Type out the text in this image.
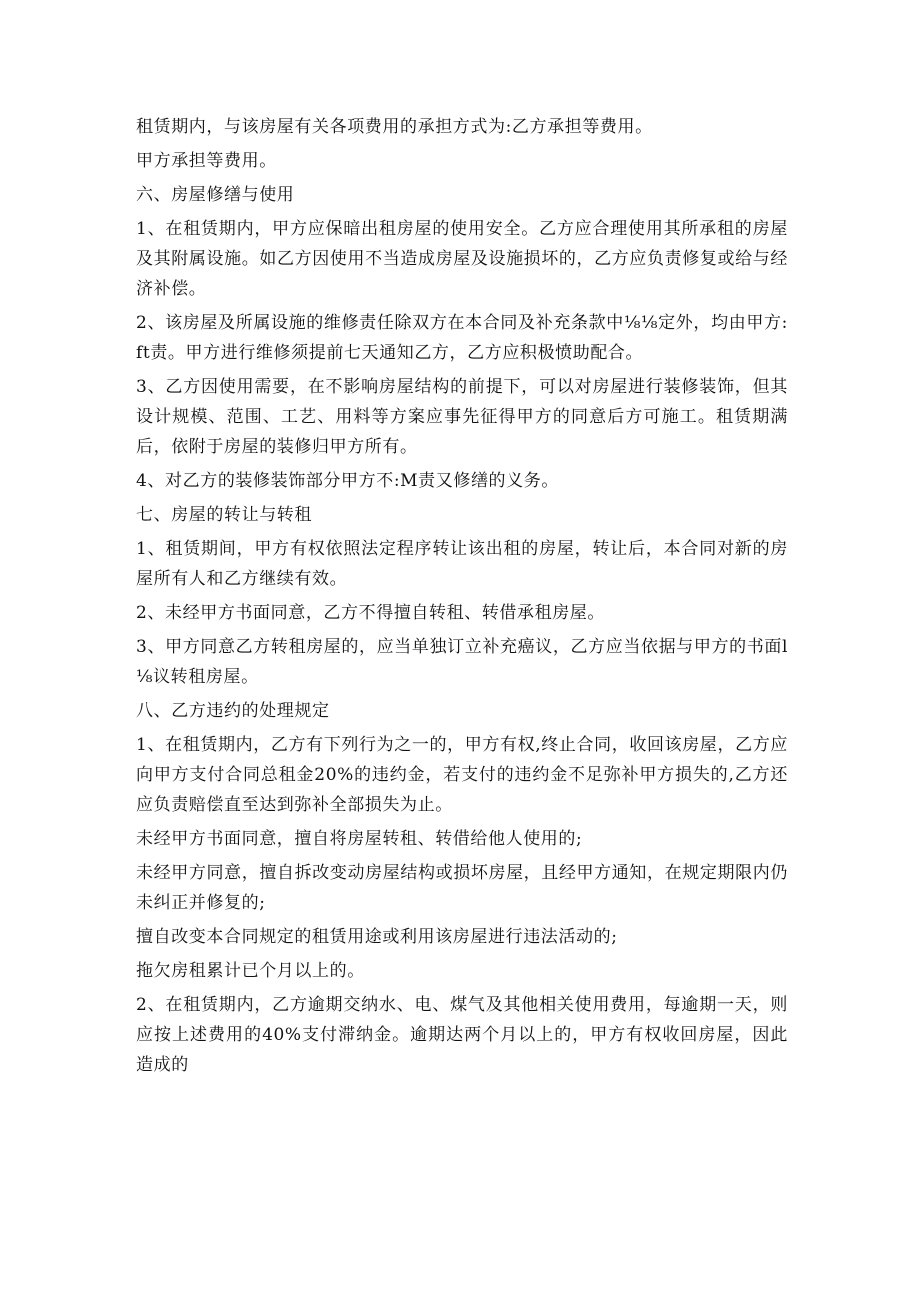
租赁期内，与该房屋有关各项费用的承担方式为:乙方承担等费用。

甲方承担等费用。

六、房屋修缮与使用

1、在租赁期内，甲方应保暗出租房屋的使用安全。乙方应合理使用其所承租的房屋及其附属设施。如乙方因使用不当造成房屋及设施损坏的，乙方应负责修复或给与经济补偿。

2、该房屋及所属设施的维修责任除双方在本合同及补充条款中⅛⅛定外，均由甲方:ft责。甲方进行维修须提前七天通知乙方，乙方应积极愤助配合。

3、乙方因使用需要，在不影响房屋结构的前提下，可以对房屋进行装修装饰，但其设计规模、范围、工艺、用料等方案应事先征得甲方的同意后方可施工。租赁期满后，依附于房屋的装修归甲方所有。

4、对乙方的装修装饰部分甲方不:M责又修缮的义务。

七、房屋的转让与转租

1、租赁期间，甲方有权依照法定程序转让该出租的房屋，转让后，本合同对新的房屋所有人和乙方继续有效。

2、未经甲方书面同意，乙方不得擅自转租、转借承租房屋。

3、甲方同意乙方转租房屋的，应当单独订立补充癌议，乙方应当依据与甲方的书面l⅛议转租房屋。

八、乙方违约的处理规定

1、在租赁期内，乙方有下列行为之一的，甲方有权,终止合同，收回该房屋，乙方应向甲方支付合同总租金20%的违约金，若支付的违约金不足弥补甲方损失的,乙方还应负责赔偿直至达到弥补全部损失为止。

未经甲方书面同意，擅自将房屋转租、转借给他人使用的;

未经甲方同意，擅自拆改变动房屋结构或损坏房屋，且经甲方通知，在规定期限内仍未纠正并修复的;

擅自改变本合同规定的租赁用途或利用该房屋进行违法活动的;

拖欠房租累计已个月以上的。

2、在租赁期内，乙方逾期交纳水、电、煤气及其他相关使用费用，每逾期一天，则应按上述费用的40%支付滞纳金。逾期达两个月以上的，甲方有权收回房屋，因此造成的
